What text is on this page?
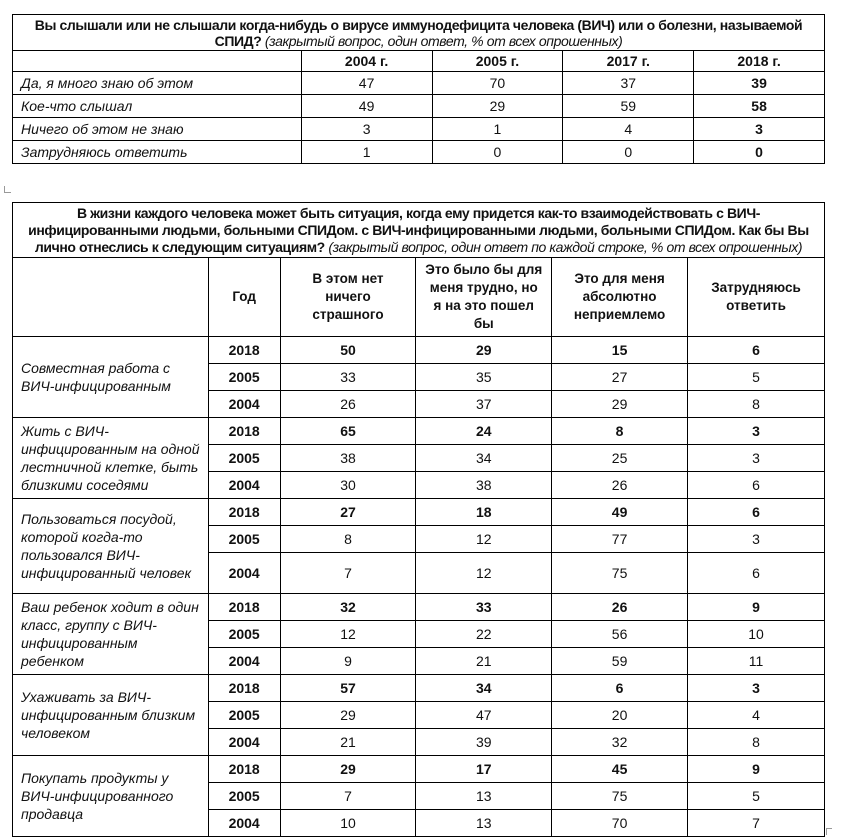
Вы слышали или не слышали когда-нибудь о вирусе иммунодефицита человека (ВИЧ) или о болезни, называемой СПИД? (закрытый вопрос, один ответ, % от всех опрошенных)				
	2004 г.	2005 г.	2017 г.	2018 г.
Да, я много знаю об этом	47	70	37	39
Кое-что слышал	49	29	59	58
Ничего об этом не знаю	3	1	4	3
Затрудняюсь ответить	1	0	0	0
В жизни каждого человека может быть ситуация, когда ему придется как-то взаимодействовать с ВИЧ-инфицированными людьми, больными СПИДом. с ВИЧ-инфицированными людьми, больными СПИДом. Как бы Вы лично отнеслись к следующим ситуациям? (закрытый вопрос, один ответ по каждой строке, % от всех опрошенных)					
	Год	В этом нет ничего страшного	Это было бы для меня трудно, но я на это пошел бы	Это для меня абсолютно неприемлемо	Затрудняюсь ответить
Совместная работа с ВИЧ-инфицированным	2018	50	29	15	6
	2005	33	35	27	5
	2004	26	37	29	8
Жить с ВИЧ-инфицированным на одной лестничной клетке, быть близкими соседями	2018	65	24	8	3
	2005	38	34	25	3
	2004	30	38	26	6
Пользоваться посудой, которой когда-то пользовался ВИЧ-инфицированный человек	2018	27	18	49	6
	2005	8	12	77	3
	2004	7	12	75	6
Ваш ребенок ходит в один класс, группу с ВИЧ-инфицированным ребенком	2018	32	33	26	9
	2005	12	22	56	10
	2004	9	21	59	11
Ухаживать за ВИЧ-инфицированным близким человеком	2018	57	34	6	3
	2005	29	47	20	4
	2004	21	39	32	8
Покупать продукты у ВИЧ-инфицированного продавца	2018	29	17	45	9
	2005	7	13	75	5
	2004	10	13	70	7
